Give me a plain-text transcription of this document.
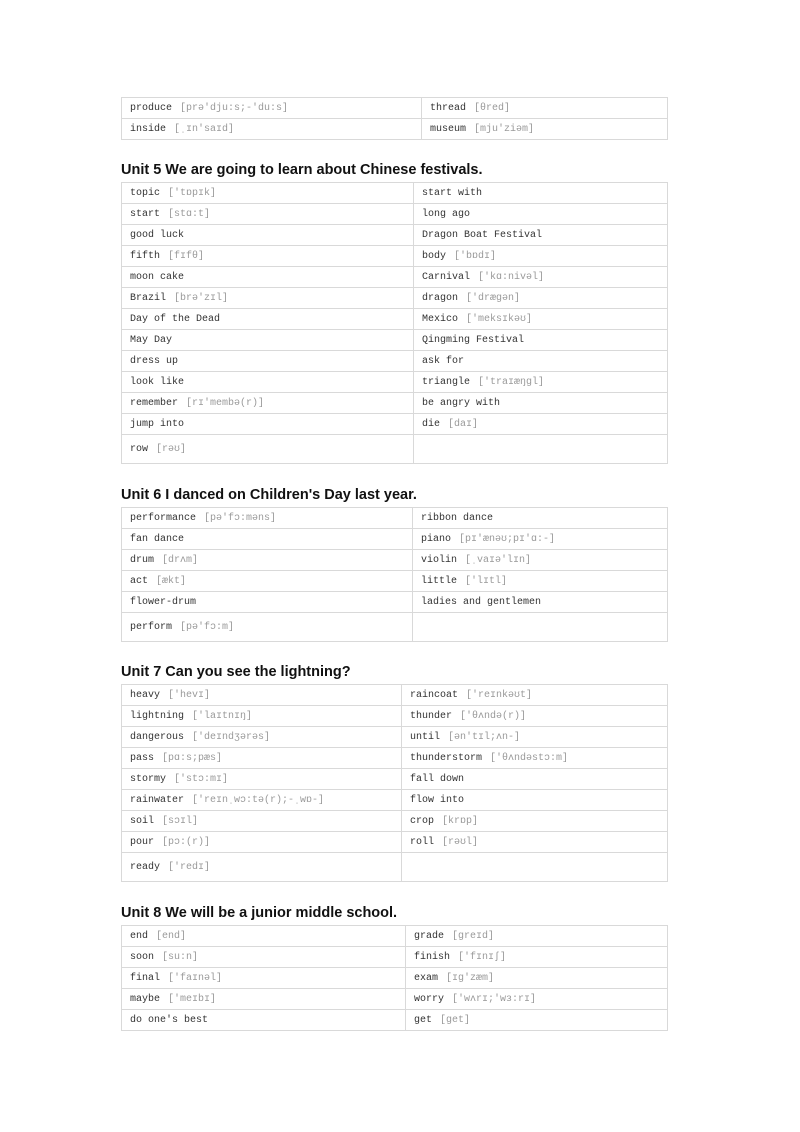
produce [prə'dju:s;-'du:s]	thread [θred]
inside [ˌɪn'saɪd]	museum [mju'ziəm]
Unit 5 We are going to learn about Chinese festivals.
topic ['tɒpɪk]	start with
start [stɑ:t]	long ago
good luck	Dragon Boat Festival
fifth [fɪfθ]	body ['bɒdɪ]
moon cake	Carnival ['kɑ:nivəl]
Brazil [brə'zɪl]	dragon ['drægən]
Day of the Dead	Mexico ['meksɪkəʊ]
May Day	Qingming Festival
dress up	ask for
look like	triangle ['traɪæŋgl]
remember [rɪ'membə(r)]	be angry with
jump into	die [daɪ]
row [rəʊ]	
Unit 6 I danced on Children's Day last year.
performance [pə'fɔ:məns]	ribbon dance
fan dance	piano [pɪ'ænəʊ;pɪ'ɑ:-]
drum [drʌm]	violin [ˌvaɪə'lɪn]
act [ækt]	little ['lɪtl]
flower-drum	ladies and gentlemen
perform [pə'fɔ:m]	
Unit 7 Can you see the lightning?
heavy ['hevɪ]	raincoat ['reɪnkəʊt]
lightning ['laɪtnɪŋ]	thunder ['θʌndə(r)]
dangerous ['deɪndʒərəs]	until [ən'tɪl;ʌn-]
pass [pɑ:s;pæs]	thunderstorm ['θʌndəstɔ:m]
stormy ['stɔ:mɪ]	fall down
rainwater ['reɪnˌwɔ:tə(r);-ˌwɒ-]	flow into
soil [sɔɪl]	crop [krɒp]
pour [pɔ:(r)]	roll [rəʊl]
ready ['redɪ]	
Unit 8 We will be a junior middle school.
end [end]	grade [greɪd]
soon [su:n]	finish ['fɪnɪʃ]
final ['faɪnəl]	exam [ɪg'zæm]
maybe ['meɪbɪ]	worry ['wʌrɪ;'wɜ:rɪ]
do one's best	get [get]
